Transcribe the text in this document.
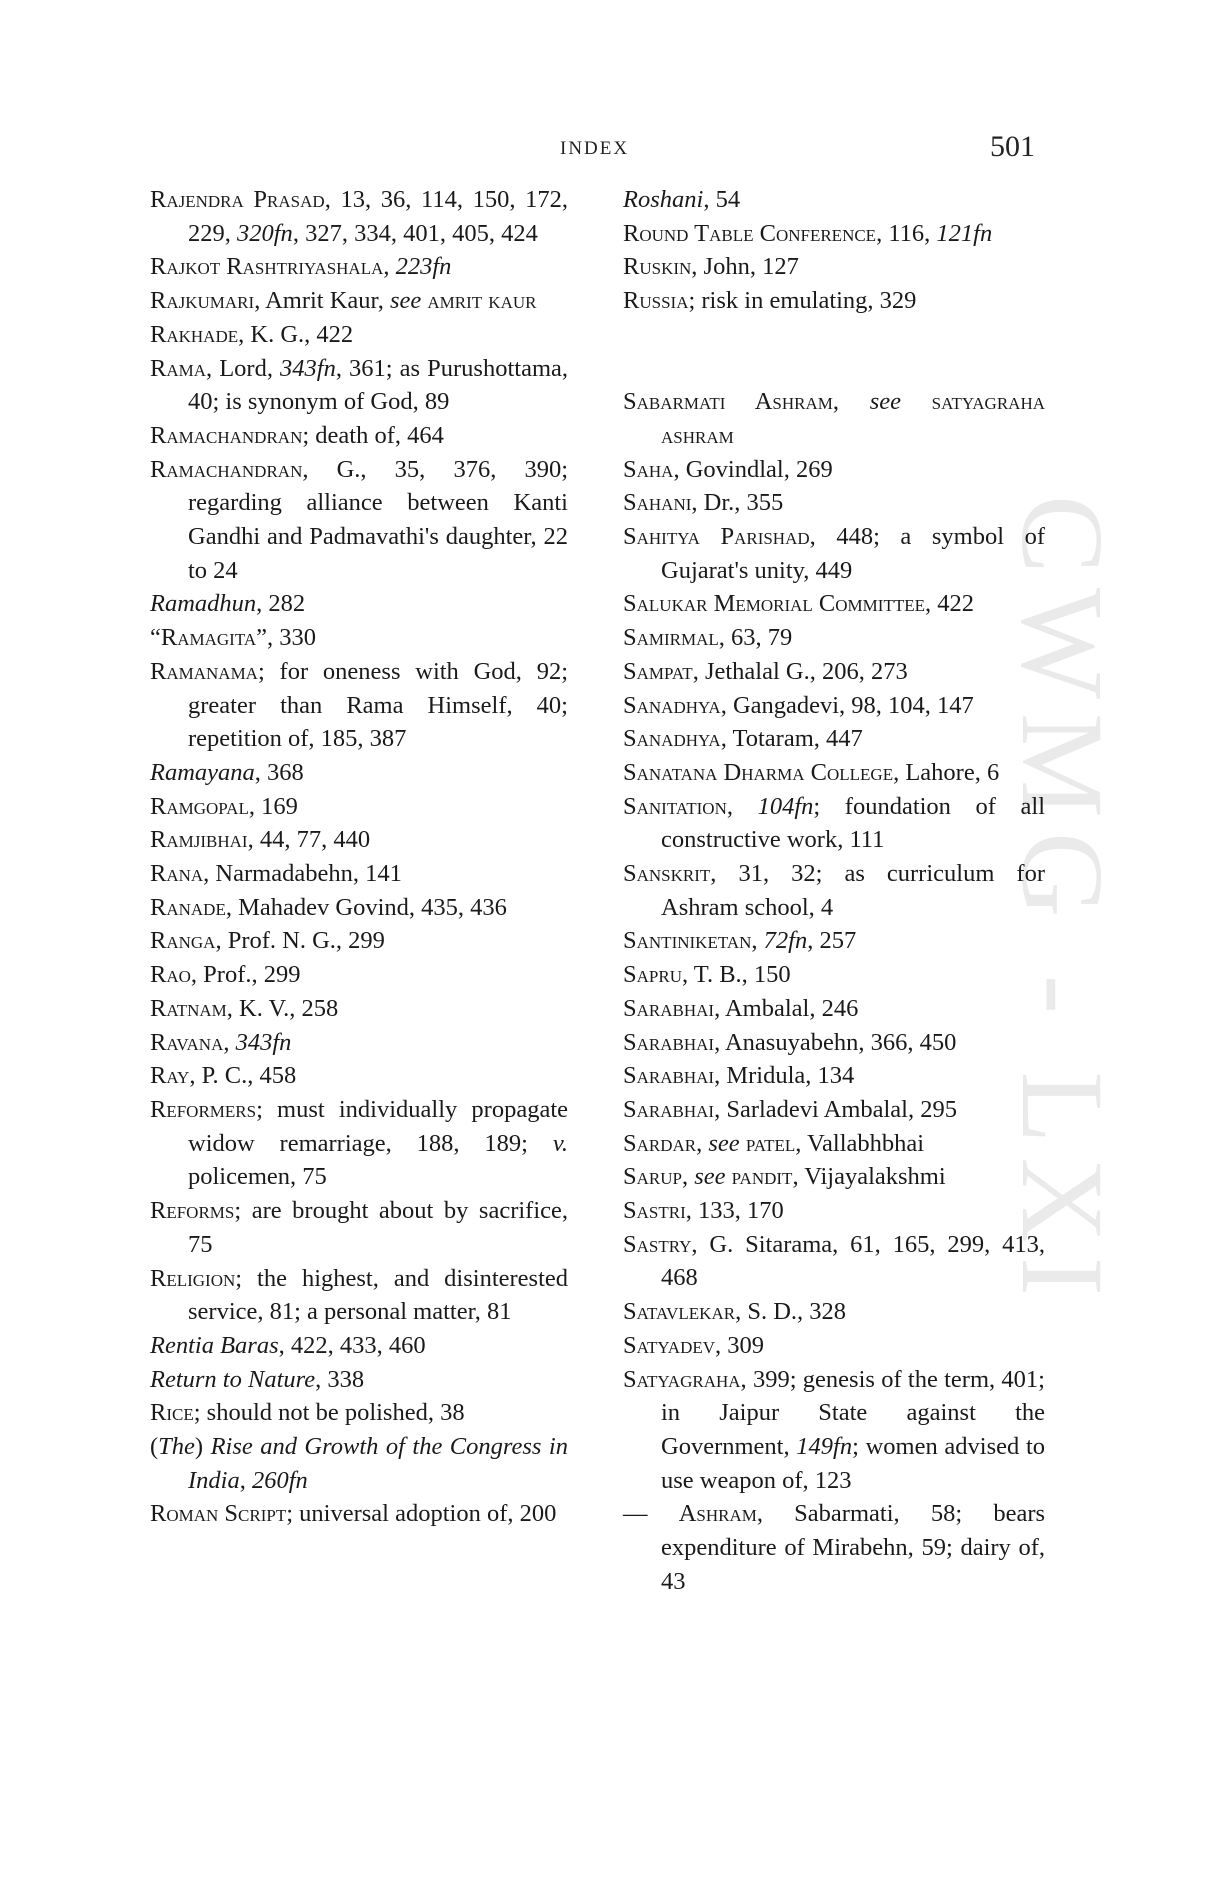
INDEX	501
Rajendra Prasad, 13, 36, 114, 150, 172, 229, 320fn, 327, 334, 401, 405, 424
Rajkot Rashtriyashala, 223fn
Rajkumari, Amrit Kaur, see amrit kaur
Rakhade, K. G., 422
Rama, Lord, 343fn, 361; as Purushottama, 40; is synonym of God, 89
Ramachandran; death of, 464
Ramachandran, G., 35, 376, 390; regarding alliance between Kanti Gandhi and Padmavathi's daughter, 22 to 24
Ramadhun, 282
“Ramagita”, 330
Ramanama; for oneness with God, 92; greater than Rama Himself, 40; repetition of, 185, 387
Ramayana, 368
Ramgopal, 169
Ramjibhai, 44, 77, 440
Rana, Narmadabehn, 141
Ranade, Mahadev Govind, 435, 436
Ranga, Prof. N. G., 299
Rao, Prof., 299
Ratnam, K. V., 258
Ravana, 343fn
Ray, P. C., 458
Reformers; must individually propagate widow remarriage, 188, 189; v. policemen, 75
Reforms; are brought about by sacrifice, 75
Religion; the highest, and disinterested service, 81; a personal matter, 81
Rentia Baras, 422, 433, 460
Return to Nature, 338
Rice; should not be polished, 38
(The) Rise and Growth of the Congress in India, 260fn
Roman Script; universal adoption of, 200
Roshani, 54
Round Table Conference, 116, 121fn
Ruskin, John, 127
Russia; risk in emulating, 329
Sabarmati Ashram, see satyagraha ashram
Saha, Govindlal, 269
Sahani, Dr., 355
Sahitya Parishad, 448; a symbol of Gujarat's unity, 449
Salukar Memorial Committee, 422
Samirmal, 63, 79
Sampat, Jethalal G., 206, 273
Sanadhya, Gangadevi, 98, 104, 147
Sanadhya, Totaram, 447
Sanatana Dharma College, Lahore, 6
Sanitation, 104fn; foundation of all constructive work, 111
Sanskrit, 31, 32; as curriculum for Ashram school, 4
Santiniketan, 72fn, 257
Sapru, T. B., 150
Sarabhai, Ambalal, 246
Sarabhai, Anasuyabehn, 366, 450
Sarabhai, Mridula, 134
Sarabhai, Sarladevi Ambalal, 295
Sardar, see patel, Vallabhbhai
Sarup, see pandit, Vijayalakshmi
Sastri, 133, 170
Sastry, G. Sitarama, 61, 165, 299, 413, 468
Satavlekar, S. D., 328
Satyadev, 309
Satyagraha, 399; genesis of the term, 401; in Jaipur State against the Government, 149fn; women advised to use weapon of, 123
— Ashram, Sabarmati, 58; bears expenditure of Mirabehn, 59; dairy of, 43
CWMG - LXI
